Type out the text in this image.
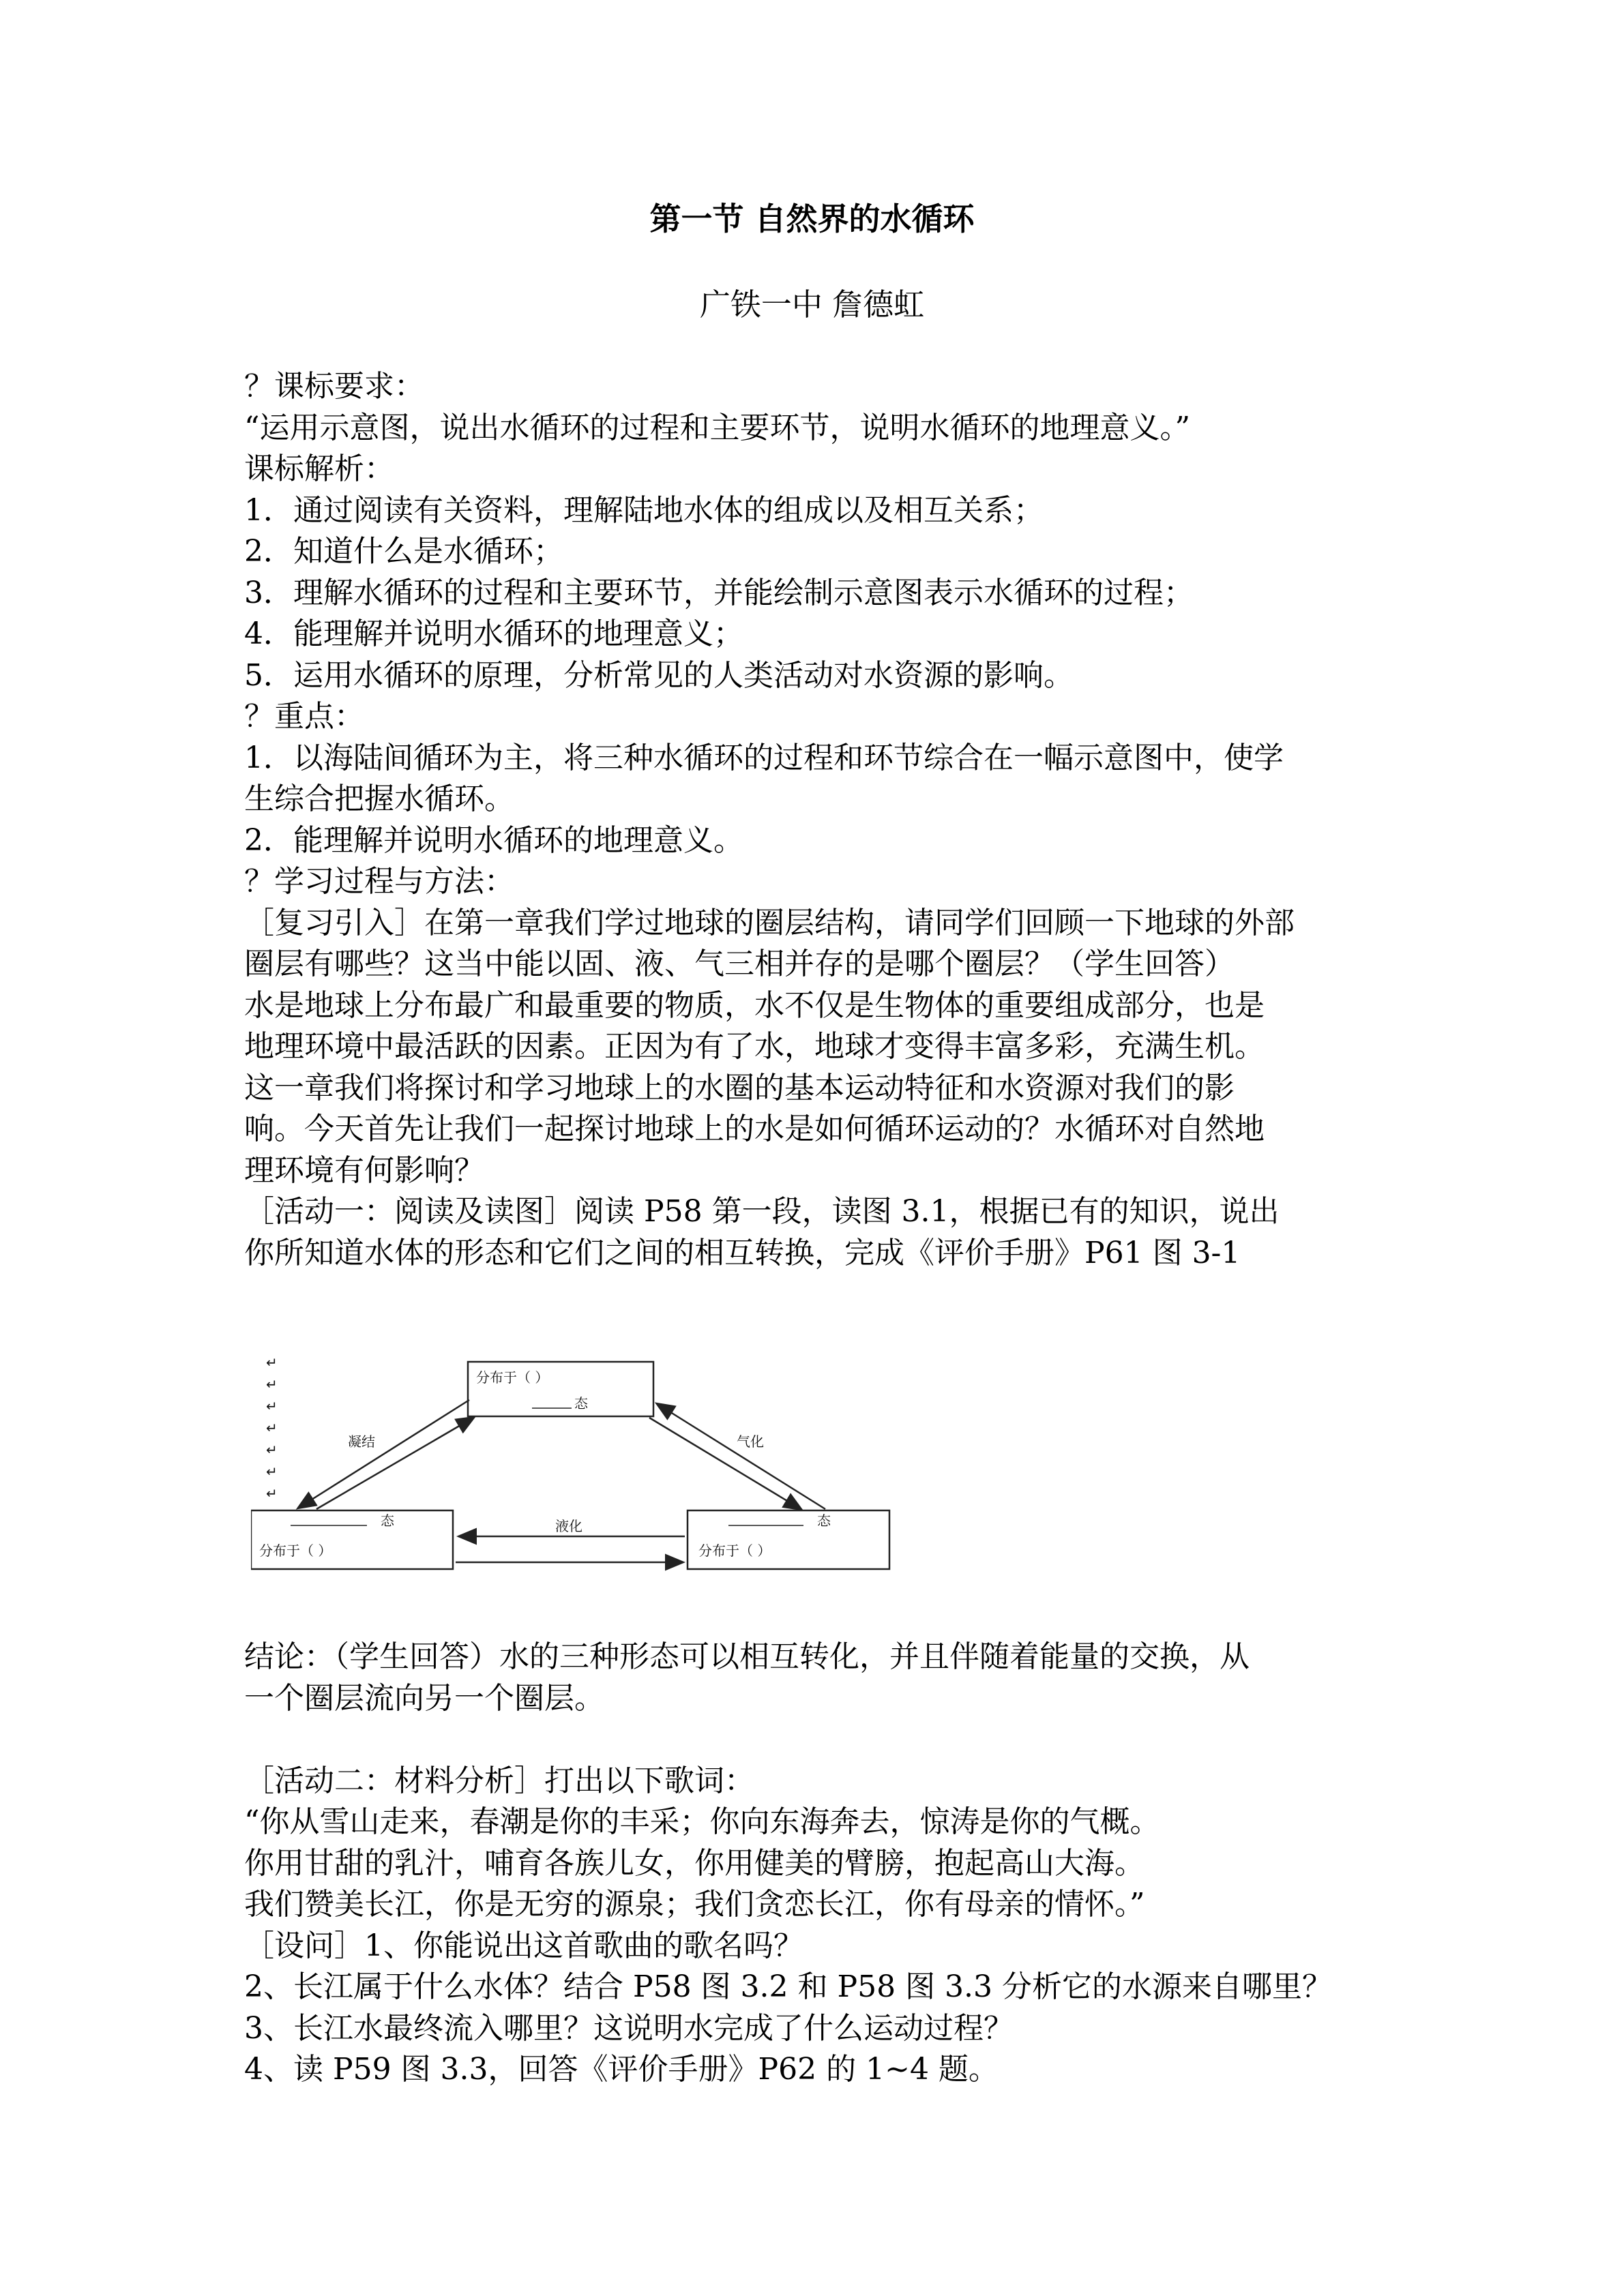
第一节 自然界的水循环
广铁一中 詹德虹

？课标要求：

“运用示意图，说出水循环的过程和主要环节，说明水循环的地理意义。”

课标解析：

1．通过阅读有关资料，理解陆地水体的组成以及相互关系；

2．知道什么是水循环；

3．理解水循环的过程和主要环节，并能绘制示意图表示水循环的过程；

4．能理解并说明水循环的地理意义；

5．运用水循环的原理，分析常见的人类活动对水资源的影响。

？重点：

1．以海陆间循环为主，将三种水循环的过程和环节综合在一幅示意图中，使学

生综合把握水循环。

2．能理解并说明水循环的地理意义。

？学习过程与方法：

［复习引入］在第一章我们学过地球的圈层结构，请同学们回顾一下地球的外部

圈层有哪些？这当中能以固、液、气三相并存的是哪个圈层？（学生回答）

水是地球上分布最广和最重要的物质，水不仅是生物体的重要组成部分，也是

地理环境中最活跃的因素。正因为有了水，地球才变得丰富多彩，充满生机。

这一章我们将探讨和学习地球上的水圈的基本运动特征和水资源对我们的影

响。今天首先让我们一起探讨地球上的水是如何循环运动的？水循环对自然地

理环境有何影响？

［活动一：阅读及读图］阅读 P58 第一段，读图 3.1，根据已有的知识，说出

你所知道水体的形态和它们之间的相互转换，完成《评价手册》P61 图 3-1

↵
↵
↵
↵
↵
↵
↵
分布于（ ）
态
态
分布于（ ）
态
分布于（ ）
凝结	气化
液化

结论：（学生回答）水的三种形态可以相互转化，并且伴随着能量的交换，从

一个圈层流向另一个圈层。

［活动二：材料分析］打出以下歌词：

“你从雪山走来，春潮是你的丰采；你向东海奔去，惊涛是你的气概。

你用甘甜的乳汁，哺育各族儿女，你用健美的臂膀，抱起高山大海。

我们赞美长江，你是无穷的源泉；我们贪恋长江，你有母亲的情怀。”

［设问］1、你能说出这首歌曲的歌名吗？

2、长江属于什么水体？结合 P58 图 3.2 和 P58 图 3.3 分析它的水源来自哪里？

3、长江水最终流入哪里？这说明水完成了什么运动过程？

4、读 P59 图 3.3，回答《评价手册》P62 的 1~4 题。
